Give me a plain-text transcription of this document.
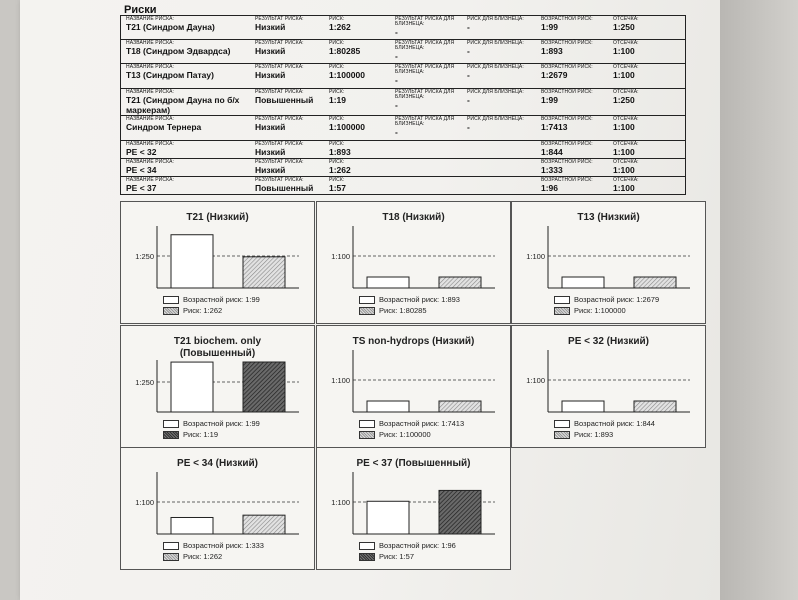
Риски
НАЗВАНИЕ РИСКА:
T21 (Синдром Дауна)
РЕЗУЛЬТАТ РИСКА:
Низкий
РИСК:
1:262
РЕЗУЛЬТАТ РИСКА ДЛЯ
БЛИЗНЕЦА:
-
РИСК ДЛЯ БЛИЗНЕЦА:
-
ВОЗРАСТНОЙ РИСК:
1:99
ОТСЕЧКА:
1:250
НАЗВАНИЕ РИСКА:
T18 (Синдром Эдвардса)
РЕЗУЛЬТАТ РИСКА:
Низкий
РИСК:
1:80285
РЕЗУЛЬТАТ РИСКА ДЛЯ
БЛИЗНЕЦА:
-
РИСК ДЛЯ БЛИЗНЕЦА:
-
ВОЗРАСТНОЙ РИСК:
1:893
ОТСЕЧКА:
1:100
НАЗВАНИЕ РИСКА:
T13 (Синдром Патау)
РЕЗУЛЬТАТ РИСКА:
Низкий
РИСК:
1:100000
РЕЗУЛЬТАТ РИСКА ДЛЯ
БЛИЗНЕЦА:
-
РИСК ДЛЯ БЛИЗНЕЦА:
-
ВОЗРАСТНОЙ РИСК:
1:2679
ОТСЕЧКА:
1:100
НАЗВАНИЕ РИСКА:
T21 (Синдром Дауна по б/х
маркерам)
РЕЗУЛЬТАТ РИСКА:
Повышенный
РИСК:
1:19
РЕЗУЛЬТАТ РИСКА ДЛЯ
БЛИЗНЕЦА:
-
РИСК ДЛЯ БЛИЗНЕЦА:
-
ВОЗРАСТНОЙ РИСК:
1:99
ОТСЕЧКА:
1:250
НАЗВАНИЕ РИСКА:
Синдром Тернера
РЕЗУЛЬТАТ РИСКА:
Низкий
РИСК:
1:100000
РЕЗУЛЬТАТ РИСКА ДЛЯ
БЛИЗНЕЦА:
-
РИСК ДЛЯ БЛИЗНЕЦА:
-
ВОЗРАСТНОЙ РИСК:
1:7413
ОТСЕЧКА:
1:100
НАЗВАНИЕ РИСКА:
PE < 32
РЕЗУЛЬТАТ РИСКА:
Низкий
РИСК:
1:893
ВОЗРАСТНОЙ РИСК:
1:844
ОТСЕЧКА:
1:100
НАЗВАНИЕ РИСКА:
PE < 34
РЕЗУЛЬТАТ РИСКА:
Низкий
РИСК:
1:262
ВОЗРАСТНОЙ РИСК:
1:333
ОТСЕЧКА:
1:100
НАЗВАНИЕ РИСКА:
PE < 37
РЕЗУЛЬТАТ РИСКА:
Повышенный
РИСК:
1:57
ВОЗРАСТНОЙ РИСК:
1:96
ОТСЕЧКА:
1:100
T21 (Низкий)
1:250
Возрастной риск: 1:99
Риск: 1:262
T18 (Низкий)
1:100
Возрастной риск: 1:893
Риск: 1:80285
T13 (Низкий)
1:100
Возрастной риск: 1:2679
Риск: 1:100000
T21 biochem. only
(Повышенный)
1:250
Возрастной риск: 1:99
Риск: 1:19
TS non-hydrops (Низкий)
1:100
Возрастной риск: 1:7413
Риск: 1:100000
PE < 32 (Низкий)
1:100
Возрастной риск: 1:844
Риск: 1:893
PE < 34 (Низкий)
1:100
Возрастной риск: 1:333
Риск: 1:262
PE < 37 (Повышенный)
1:100
Возрастной риск: 1:96
Риск: 1:57
